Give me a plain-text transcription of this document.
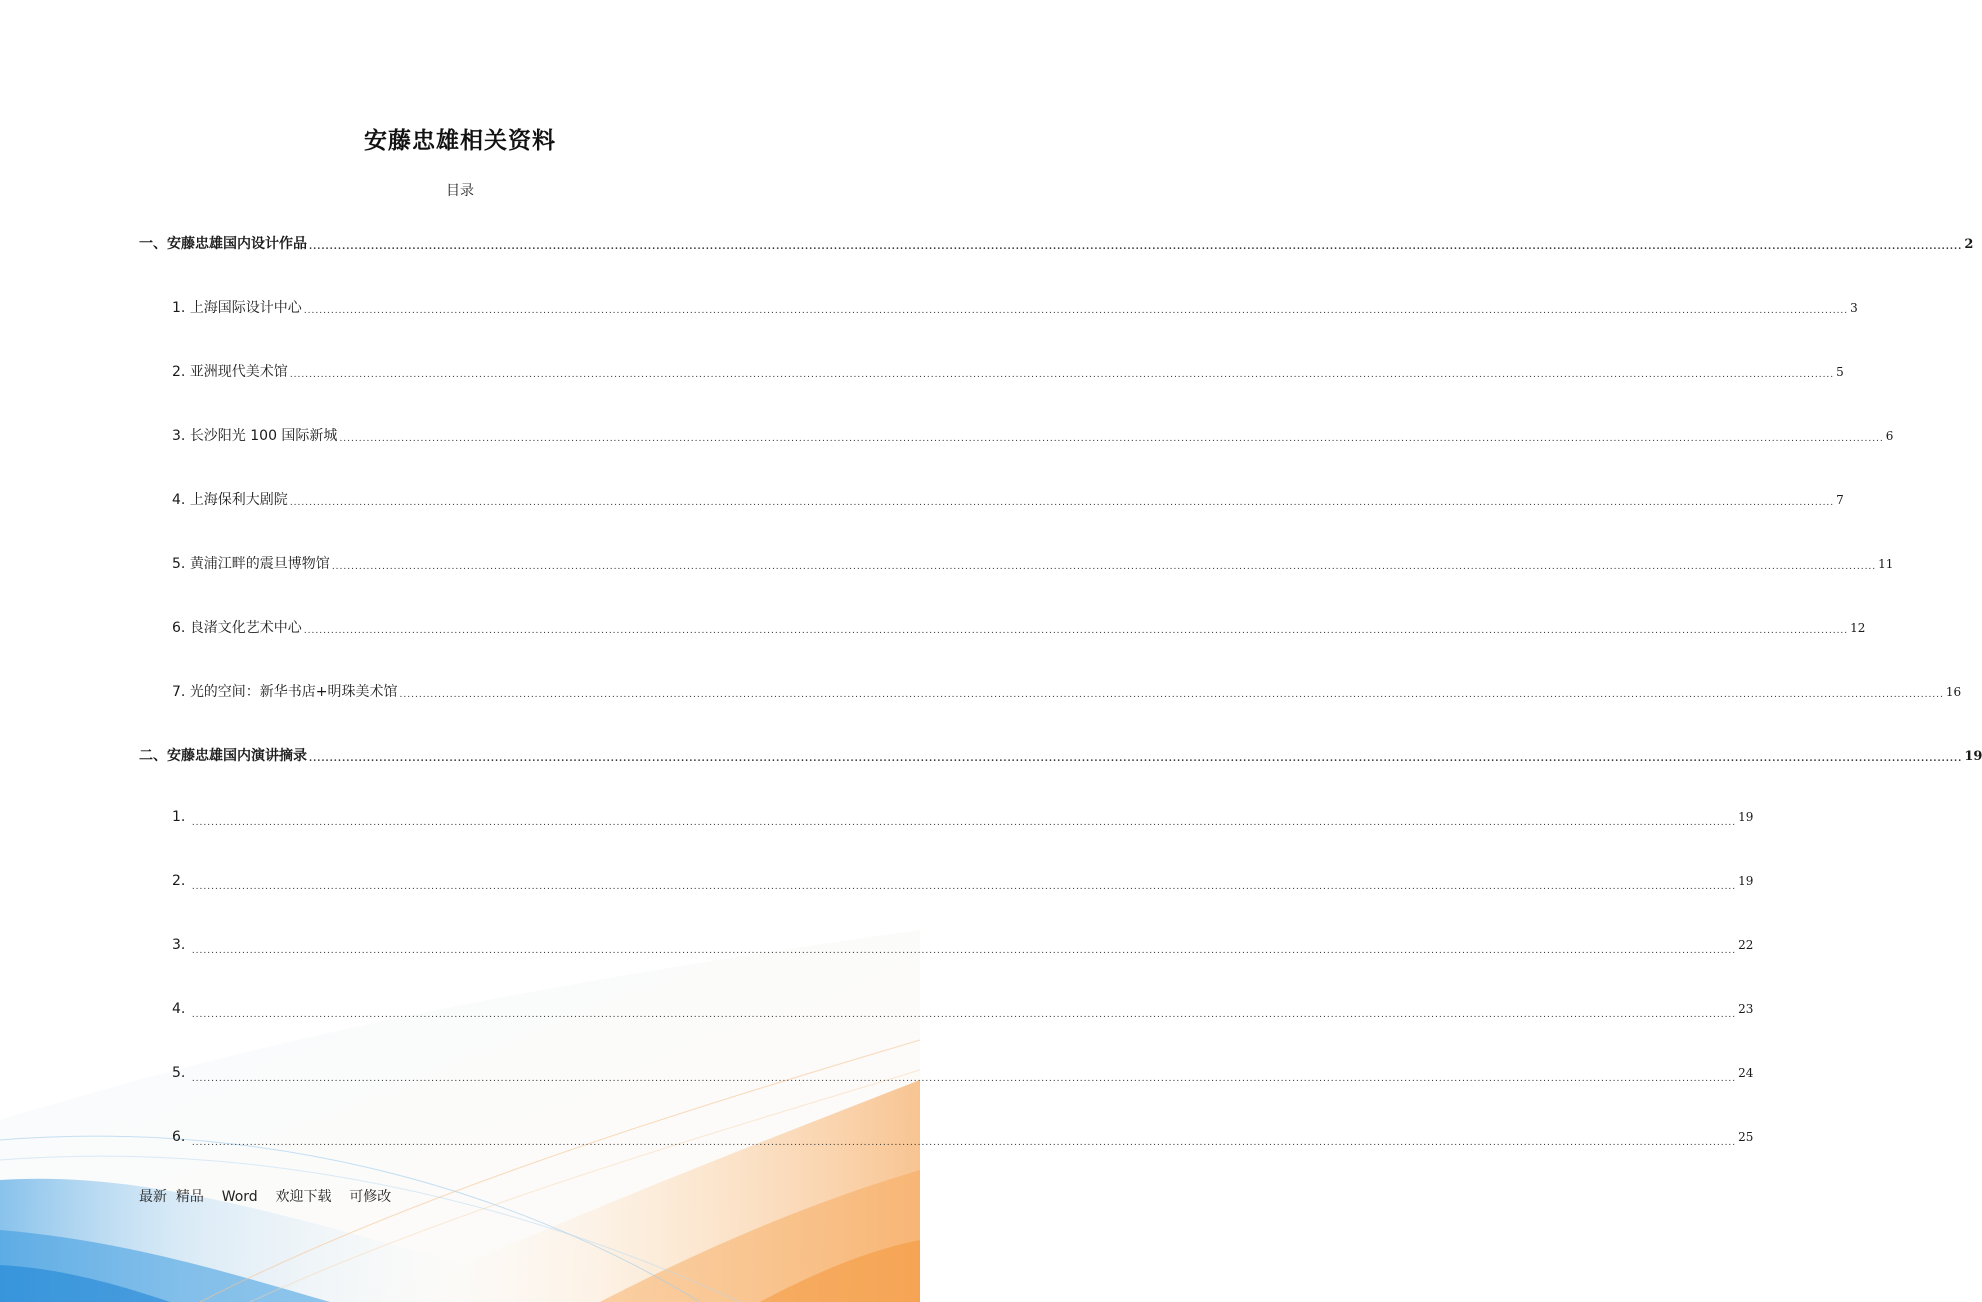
安藤忠雄相关资料
目录
一、 安藤忠雄国内设计作品 ................................................................................................................................................................................................................................................................................................................................................................................................................ 2
1. 上海国际设计中心 ................................................................................................................................................................................................................................................................................................................................................................................................................ 3
2. 亚洲现代美术馆 ................................................................................................................................................................................................................................................................................................................................................................................................................ 5
3. 长沙阳光 100 国际新城 ................................................................................................................................................................................................................................................................................................................................................................................................................ 6
4. 上海保利大剧院 ................................................................................................................................................................................................................................................................................................................................................................................................................ 7
5. 黄浦江畔的震旦博物馆 ................................................................................................................................................................................................................................................................................................................................................................................................................ 11
6. 良渚文化艺术中心 ................................................................................................................................................................................................................................................................................................................................................................................................................ 12
7. 光的空间：新华书店+明珠美术馆 ................................................................................................................................................................................................................................................................................................................................................................................................................ 16
二、 安藤忠雄国内演讲摘录 ................................................................................................................................................................................................................................................................................................................................................................................................................ 19
1. ................................................................................................................................................................................................................................................................................................................................................................................................................ 19
2. ................................................................................................................................................................................................................................................................................................................................................................................................................ 19
3. ................................................................................................................................................................................................................................................................................................................................................................................................................ 22
4. ................................................................................................................................................................................................................................................................................................................................................................................................................ 23
5. ................................................................................................................................................................................................................................................................................................................................................................................................................ 24
6. ................................................................................................................................................................................................................................................................................................................................................................................................................ 25
最新  精品    Word    欢迎下载    可修改
